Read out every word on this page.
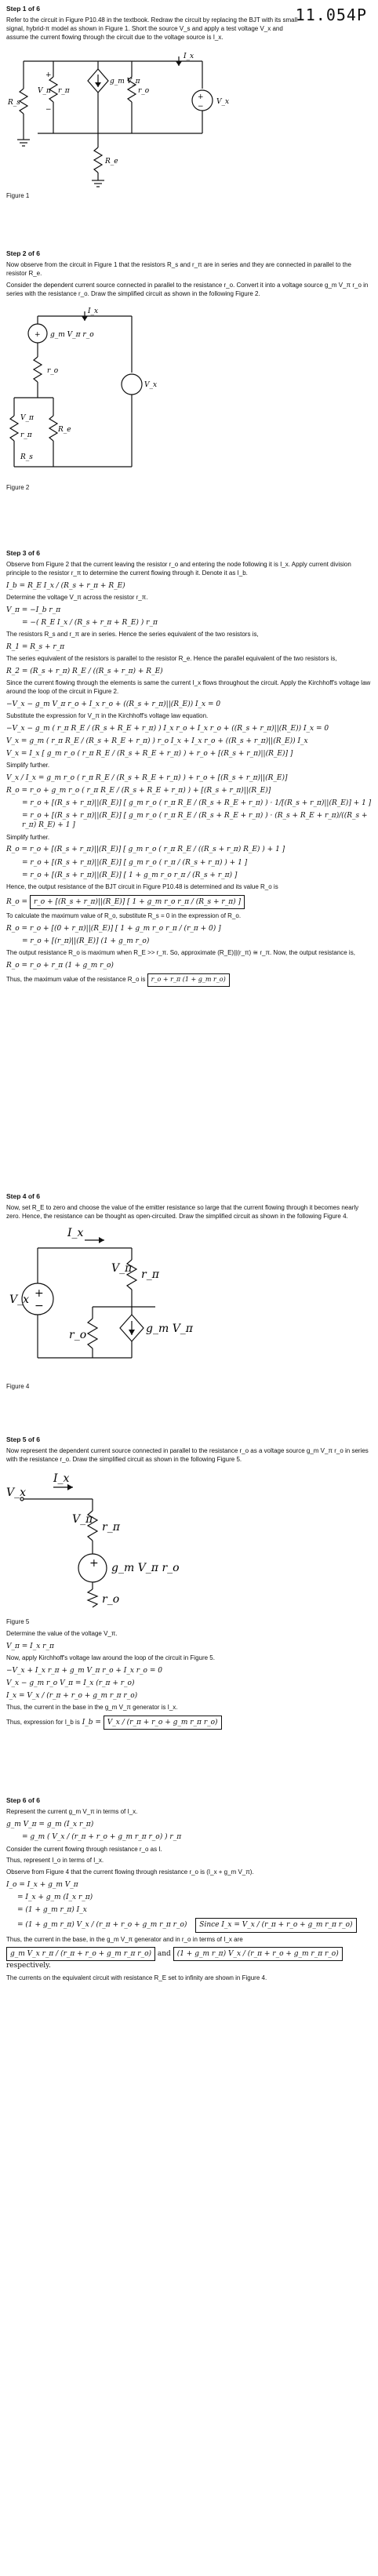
11.054P
Step 1 of 6
Refer to the circuit in Figure P10.48 in the textbook. Redraw the circuit by replacing the BJT with its small-signal, hybrid-π model as shown in Figure 1. Short the source V_s and apply a test voltage V_x and assume the current flowing through the circuit due to the voltage source is I_x.
R_s
V_π r_π
+
−
g_m V_π
r_o
I_x
V_x
+
−
R_e
Figure 1
Step 2 of 6
Now observe from the circuit in Figure 1 that the resistors R_s and r_π are in series and they are connected in parallel to the resistor R_e.
Consider the dependent current source connected in parallel to the resistance r_o. Convert it into a voltage source g_m V_π r_o in series with the resistance r_o. Draw the simplified circuit as shown in the following Figure 2.
+ g_m V_π r_o
r_o
I_x
V_x
V_π
r_π
R_e
R_s
Figure 2
Step 3 of 6
Observe from Figure 2 that the current leaving the resistor r_o and entering the node following it is I_x. Apply current division principle to the resistor r_π to determine the current flowing through it. Denote it as I_b.
I_b = R_E I_x / (R_s + r_π + R_E)
Determine the voltage V_π across the resistor r_π.
V_π = −I_b r_π
= −( R_E I_x / (R_s + r_π + R_E) ) r_π
The resistors R_s and r_π are in series. Hence the series equivalent of the two resistors is,
R_1 = R_s + r_π
The series equivalent of the resistors is parallel to the resistor R_e. Hence the parallel equivalent of the two resistors is,
R_2 = (R_s + r_π) R_E / ((R_s + r_π) + R_E)
Since the current flowing through the elements is same the current I_x flows throughout the circuit. Apply the Kirchhoff's voltage law around the loop of the circuit in Figure 2.
−V_x − g_m V_π r_o + I_x r_o + ((R_s + r_π)||(R_E)) I_x = 0
Substitute the expression for V_π in the Kirchhoff's voltage law equation.
−V_x − g_m ( r_π R_E / (R_s + R_E + r_π) ) I_x r_o + I_x r_o + ((R_s + r_π)||(R_E)) I_x = 0
V_x = g_m ( r_π R_E / (R_s + R_E + r_π) ) r_o I_x + I_x r_o + ((R_s + r_π)||(R_E)) I_x
V_x = I_x [ g_m r_o ( r_π R_E / (R_s + R_E + r_π) ) + r_o + [(R_s + r_π)||(R_E)] ]
Simplify further.
V_x / I_x = g_m r_o ( r_π R_E / (R_s + R_E + r_π) ) + r_o + [(R_s + r_π)||(R_E)]
R_o = r_o + g_m r_o ( r_π R_E / (R_s + R_E + r_π) ) + [(R_s + r_π)||(R_E)]
= r_o + [(R_s + r_π)||(R_E)] [ g_m r_o ( r_π R_E / (R_s + R_E + r_π) ) · 1/[(R_s + r_π)||(R_E)] + 1 ]
= r_o + [(R_s + r_π)||(R_E)] [ g_m r_o ( r_π R_E / (R_s + R_E + r_π) ) · (R_s + R_E + r_π)/((R_s + r_π) R_E) + 1 ]
Simplify further.
R_o = r_o + [(R_s + r_π)||(R_E)] [ g_m r_o ( r_π R_E / ((R_s + r_π) R_E) ) + 1 ]
= r_o + [(R_s + r_π)||(R_E)] [ g_m r_o ( r_π / (R_s + r_π) ) + 1 ]
= r_o + [(R_s + r_π)||(R_E)] [ 1 + g_m r_o r_π / (R_s + r_π) ]
Hence, the output resistance of the BJT circuit in Figure P10.48 is determined and its value R_o is
R_o = r_o + [(R_s + r_π)||(R_E)] [ 1 + g_m r_o r_π / (R_s + r_π) ]
To calculate the maximum value of R_o, substitute R_s = 0 in the expression of R_o.
R_o = r_o + [(0 + r_π)||(R_E)] [ 1 + g_m r_o r_π / (r_π + 0) ]
= r_o + [(r_π)||(R_E)] (1 + g_m r_o)
The output resistance R_o is maximum when R_E >> r_π. So, approximate (R_E)||(r_π) ≅ r_π. Now, the output resistance is,
R_o = r_o + r_π (1 + g_m r_o)
Thus, the maximum value of the resistance R_o is r_o + r_π (1 + g_m r_o)
Step 4 of 6
Now, set R_E to zero and choose the value of the emitter resistance so large that the current flowing through it becomes nearly zero. Hence, the resistance can be thought as open-circuited. Draw the simplified circuit as shown in the following Figure 4.
I_x
V_x +
−
V_π r_π
r_o	g_m V_π
Figure 4
Step 5 of 6
Now represent the dependent current source connected in parallel to the resistance r_o as a voltage source g_m V_π r_o in series with the resistance r_o. Draw the simplified circuit as shown in the following Figure 5.
I_x
V_x
V_π
r_π
+ g_m V_π r_o
r_o
Figure 5
Determine the value of the voltage V_π.
V_π = I_x r_π
Now, apply Kirchhoff's voltage law around the loop of the circuit in Figure 5.
−V_x + I_x r_π + g_m V_π r_o + I_x r_o = 0
V_x − g_m r_o V_π = I_x (r_π + r_o)
I_x = V_x / (r_π + r_o + g_m r_π r_o)
Thus, the current in the base in the g_m V_π generator is I_x.
Thus, expression for I_b is I_b = V_x / (r_π + r_o + g_m r_π r_o)
Step 6 of 6
Represent the current g_m V_π in terms of I_x.
g_m V_π = g_m (I_x r_π)
= g_m ( V_x / (r_π + r_o + g_m r_π r_o) ) r_π
Consider the current flowing through resistance r_o as I.
Thus, represent I_o in terms of I_x.
Observe from Figure 4 that the current flowing through resistance r_o is (I_x + g_m V_π).
I_o = I_x + g_m V_π
= I_x + g_m (I_x r_π)
= (1 + g_m r_π) I_x
= (1 + g_m r_π) V_x / (r_π + r_o + g_m r_π r_o) Since I_x = V_x / (r_π + r_o + g_m r_π r_o)
Thus, the current in the base, in the g_m V_π generator and in r_o in terms of I_x are
g_m V_x r_π / (r_π + r_o + g_m r_π r_o) and (1 + g_m r_π) V_x / (r_π + r_o + g_m r_π r_o) respectively.
The currents on the equivalent circuit with resistance R_E set to infinity are shown in Figure 4.
